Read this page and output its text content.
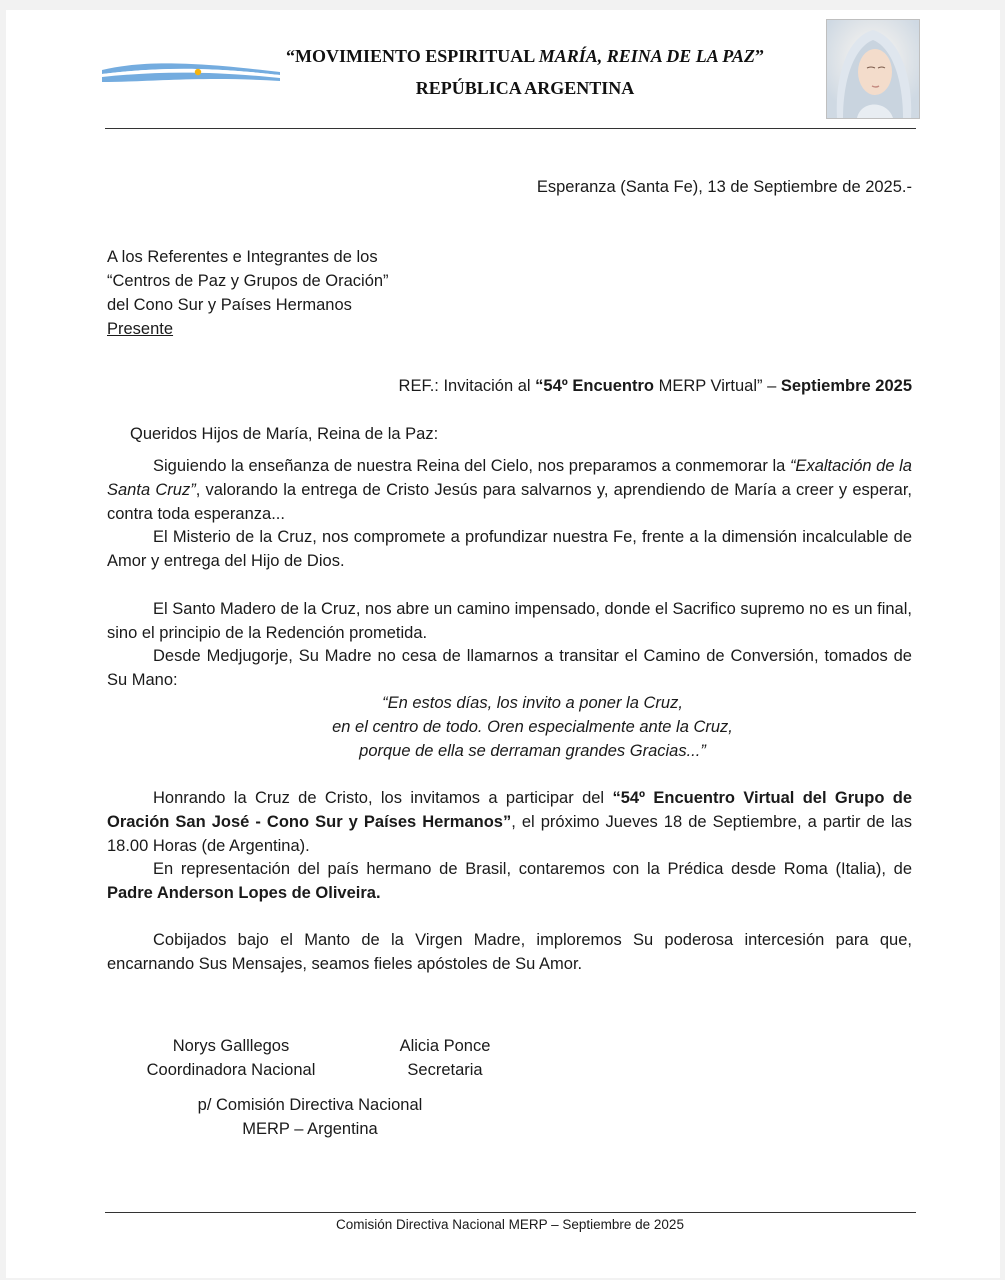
“MOVIMIENTO ESPIRITUAL MARÍA, REINA DE LA PAZ”
REPÚBLICA ARGENTINA
Esperanza (Santa Fe), 13 de Septiembre de 2025.-
A los Referentes e Integrantes de los
“Centros de Paz y Grupos de Oración”
del Cono Sur y Países Hermanos
Presente
REF.: Invitación al “54º Encuentro MERP Virtual” – Septiembre 2025
Queridos Hijos de María, Reina de la Paz:
Siguiendo la enseñanza de nuestra Reina del Cielo, nos preparamos a conmemorar la “Exaltación de la Santa Cruz”, valorando la entrega de Cristo Jesús para salvarnos y, aprendiendo de María a creer y esperar, contra toda esperanza...
El Misterio de la Cruz, nos compromete a profundizar nuestra Fe, frente a la dimensión incalculable de Amor y entrega del Hijo de Dios.
El Santo Madero de la Cruz, nos abre un camino impensado, donde el Sacrifico supremo no es un final, sino el principio de la Redención prometida.
Desde Medjugorje, Su Madre no cesa de llamarnos a transitar el Camino de Conversión, tomados de Su Mano:
“En estos días, los invito a poner la Cruz,
en el centro de todo. Oren especialmente ante la Cruz,
porque de ella se derraman grandes Gracias...”
Honrando la Cruz de Cristo, los invitamos a participar del “54º Encuentro Virtual del Grupo de Oración San José - Cono Sur y Países Hermanos”, el próximo Jueves 18 de Septiembre, a partir de las 18.00 Horas (de Argentina).
En representación del país hermano de Brasil, contaremos con la Prédica desde Roma (Italia), de Padre Anderson Lopes de Oliveira.
Cobijados bajo el Manto de la Virgen Madre, imploremos Su poderosa intercesión para que, encarnando Sus Mensajes, seamos fieles apóstoles de Su Amor.
Norys Galllegos
Coordinadora Nacional
Alicia Ponce
Secretaria
p/ Comisión Directiva Nacional
MERP – Argentina
Comisión Directiva Nacional MERP – Septiembre de 2025
